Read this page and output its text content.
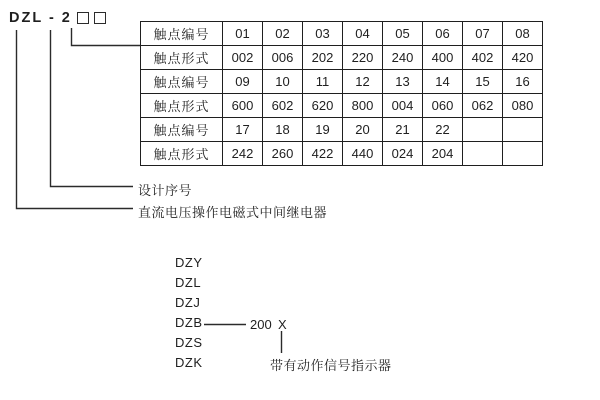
DZL - 2
触点编号	01	02	03	04	05	06	07	08
触点形式	002	006	202	220	240	400	402	420
触点编号	09	10	11	12	13	14	15	16
触点形式	600	602	620	800	004	060	062	080
触点编号	17	18	19	20	21	22		
触点形式	242	260	422	440	024	204		
设计序号
直流电压操作电磁式中间继电器
DZY
DZL
DZJ
DZB
DZS
DZK
200 X
带有动作信号指示器
